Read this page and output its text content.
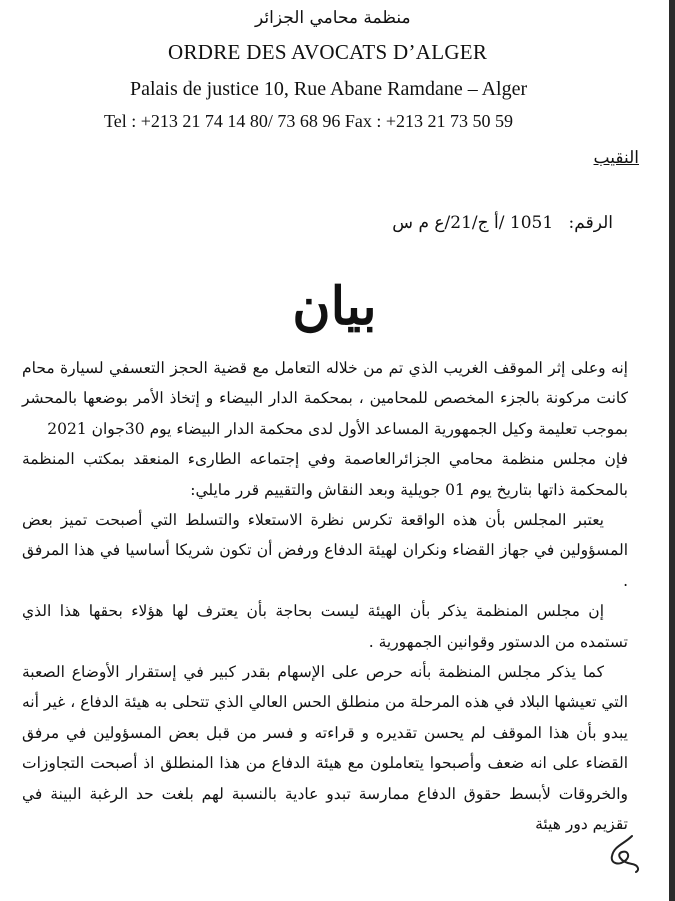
منظمة محامي الجزائر
ORDRE DES AVOCATS D’ALGER
Palais de justice 10, Rue Abane Ramdane – Alger
Tel : +213 21 74 14 80/ 73 68 96 Fax : +213 21 73 50 59
النقيب
الرقم: 1051 /أ ج/21/ع م س
بيان

إنه وعلى إثر الموقف الغريب الذي تم من خلاله التعامل مع قضية الحجز التعسفي لسيارة محام كانت مركونة بالجزء المخصص للمحامين ، بمحكمة الدار البيضاء و إتخاذ الأمر بوضعها بالمحشر بموجب تعليمة وكيل الجمهورية المساعد الأول لدى محكمة الدار البيضاء يوم 30جوان 2021

فإن مجلس منظمة محامي الجزائرالعاصمة وفي إجتماعه الطارىء المنعقد بمكتب المنظمة بالمحكمة ذاتها بتاريخ يوم 01 جويلية وبعد النقاش والتقييم قرر مايلي:

يعتبر المجلس بأن هذه الواقعة تكرس نظرة الاستعلاء والتسلط التي أصبحت تميز بعض المسؤولين في جهاز القضاء ونكران لهيئة الدفاع ورفض أن تكون شريكا أساسيا في هذا المرفق .

إن مجلس المنظمة يذكر بأن الهيئة ليست بحاجة بأن يعترف لها هؤلاء بحقها هذا الذي تستمده من الدستور وقوانين الجمهورية .

كما يذكر مجلس المنظمة بأنه حرص على الإسهام بقدر كبير في إستقرار الأوضاع الصعبة التي تعيشها البلاد في هذه المرحلة من منطلق الحس العالي الذي تتحلى به هيئة الدفاع ، غير أنه يبدو بأن هذا الموقف لم يحسن تقديره و قراءته و فسر من قبل بعض المسؤولين في مرفق القضاء على انه ضعف وأصبحوا يتعاملون مع هيئة الدفاع من هذا المنطلق اذ أصبحت التجاوزات والخروقات لأبسط حقوق الدفاع ممارسة تبدو عادية بالنسبة لهم بلغت حد الرغبة البينة في تقزيم دور هيئة
